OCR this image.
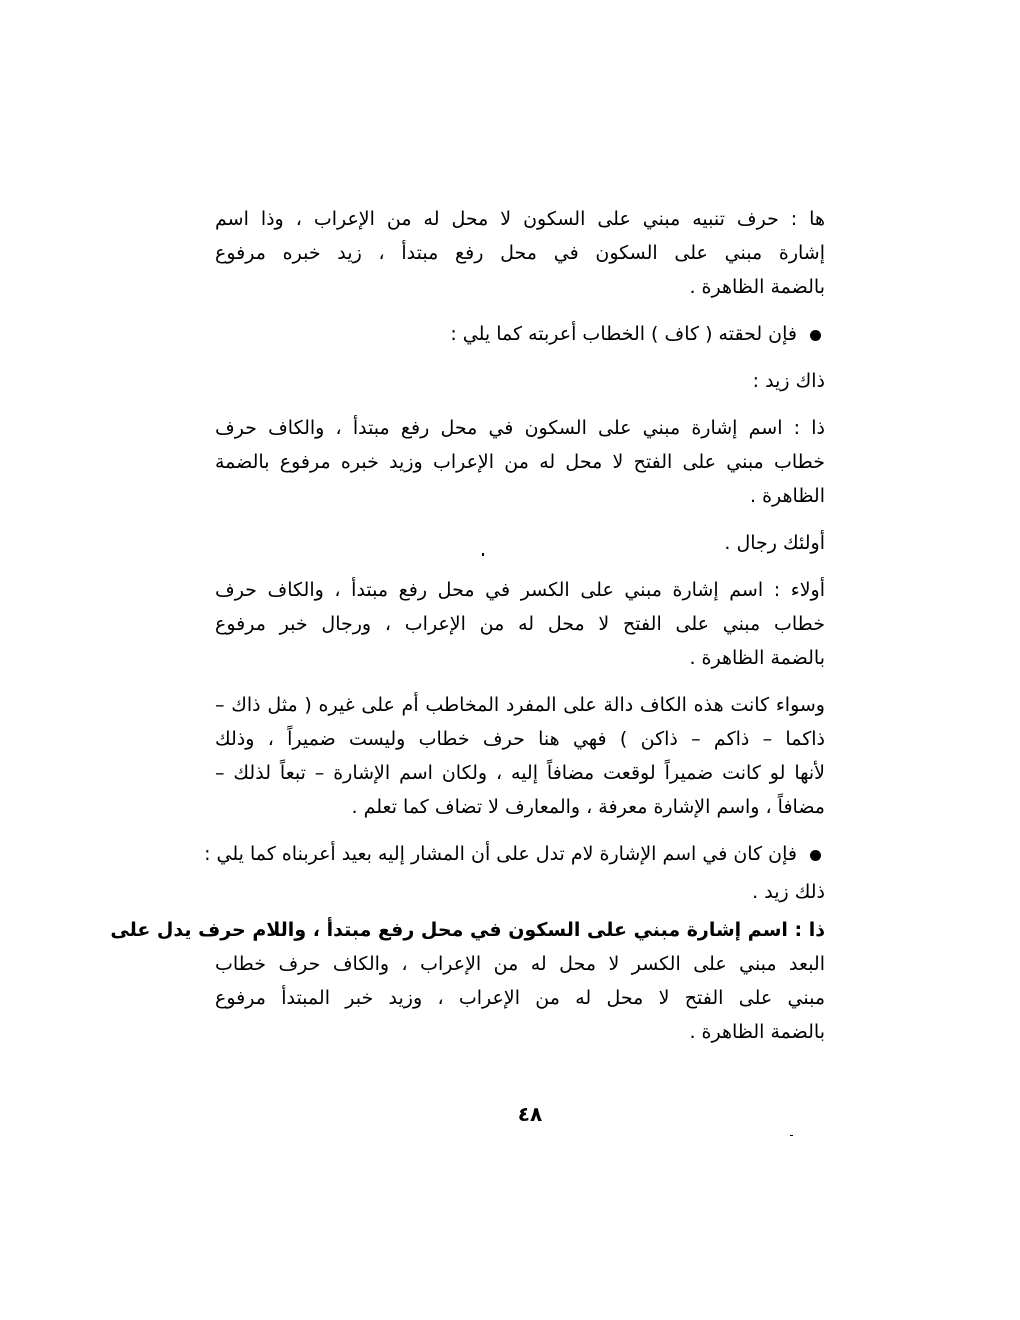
ها : حرف تنبيه مبني على السكون لا محل له من الإعراب ، وذا اسم
إشارة مبني على السكون في محل رفع مبتدأ ، زيد خبره مرفوع
بالضمة الظاهرة .
فإن لحقته ( كاف ) الخطاب أعربته كما يلي :
ذاك زيد :
ذا : اسم إشارة مبني على السكون في محل رفع مبتدأ ، والكاف حرف
خطاب مبني على الفتح لا محل له من الإعراب وزيد خبره مرفوع بالضمة
الظاهرة .
أولئك رجال .
أولاء : اسم إشارة مبني على الكسر في محل رفع مبتدأ ، والكاف حرف
خطاب مبني على الفتح لا محل له من الإعراب ، ورجال خبر مرفوع
بالضمة الظاهرة .
وسواء كانت هذه الكاف دالة على المفرد المخاطب أم على غيره ( مثل ذاك –
ذاكما – ذاكم – ذاكن ) فهي هنا حرف خطاب وليست ضميراً ، وذلك
لأنها لو كانت ضميراً لوقعت مضافاً إليه ، ولكان اسم الإشارة – تبعاً لذلك –
مضافاً ، واسم الإشارة معرفة ، والمعارف لا تضاف كما تعلم .
فإن كان في اسم الإشارة لام تدل على أن المشار إليه بعيد أعربناه كما يلي :
ذلك زيد .
ذا : اسم إشارة مبني على السكون في محل رفع مبتدأ ، واللام حرف يدل على
البعد مبني على الكسر لا محل له من الإعراب ، والكاف حرف خطاب
مبني على الفتح لا محل له من الإعراب ، وزيد خبر المبتدأ مرفوع
بالضمة الظاهرة .
٤٨
